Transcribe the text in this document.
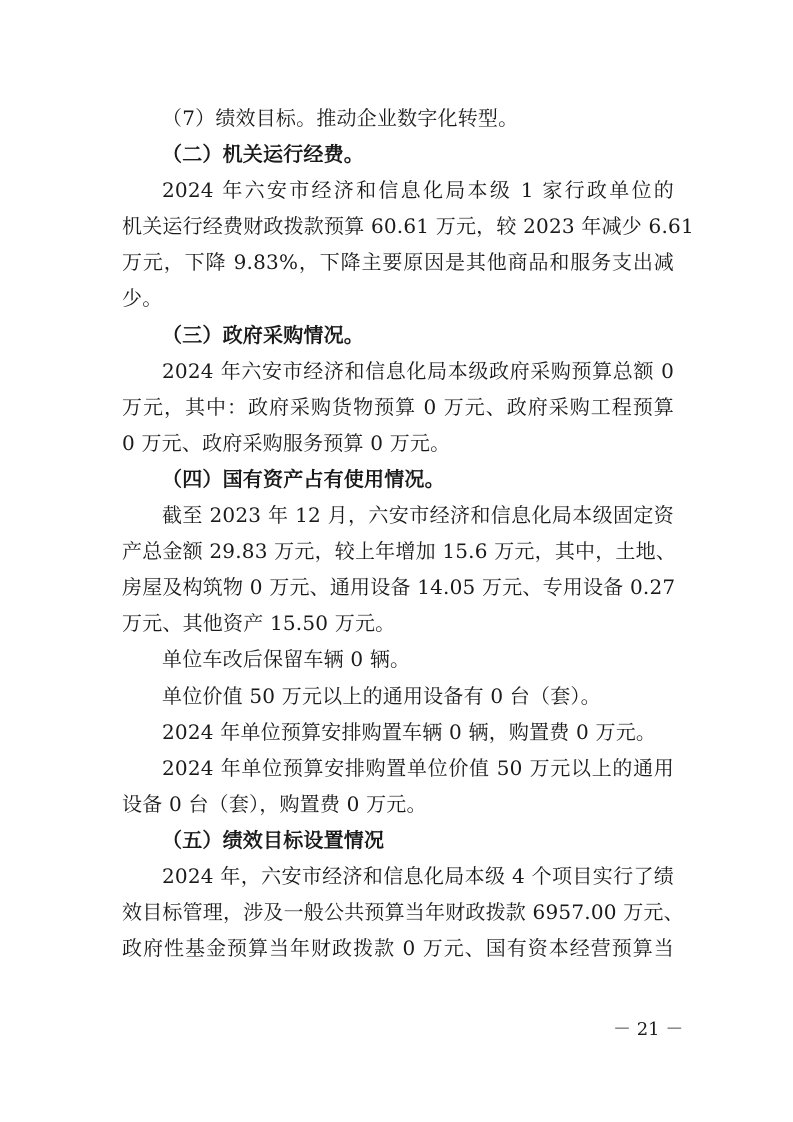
（7）绩效目标。推动企业数字化转型。
（二）机关运行经费。
2024 年六安市经济和信息化局本级 1 家行政单位的
机关运行经费财政拨款预算 60.61 万元，较 2023 年减少 6.61
万元，下降 9.83%，下降主要原因是其他商品和服务支出减
少。
（三）政府采购情况。
2024 年六安市经济和信息化局本级政府采购预算总额 0
万元，其中：政府采购货物预算 0 万元、政府采购工程预算
0 万元、政府采购服务预算 0 万元。
（四）国有资产占有使用情况。
截至 2023 年 12 月，六安市经济和信息化局本级固定资
产总金额 29.83 万元，较上年增加 15.6 万元，其中，土地、
房屋及构筑物 0 万元、通用设备 14.05 万元、专用设备 0.27
万元、其他资产 15.50 万元。
单位车改后保留车辆 0 辆。
单位价值 50 万元以上的通用设备有 0 台（套）。
2024 年单位预算安排购置车辆 0 辆，购置费 0 万元。
2024 年单位预算安排购置单位价值 50 万元以上的通用
设备 0 台（套），购置费 0 万元。
（五）绩效目标设置情况
2024 年，六安市经济和信息化局本级 4 个项目实行了绩
效目标管理，涉及一般公共预算当年财政拨款 6957.00 万元、
政府性基金预算当年财政拨款 0 万元、国有资本经营预算当
－ 21 －
